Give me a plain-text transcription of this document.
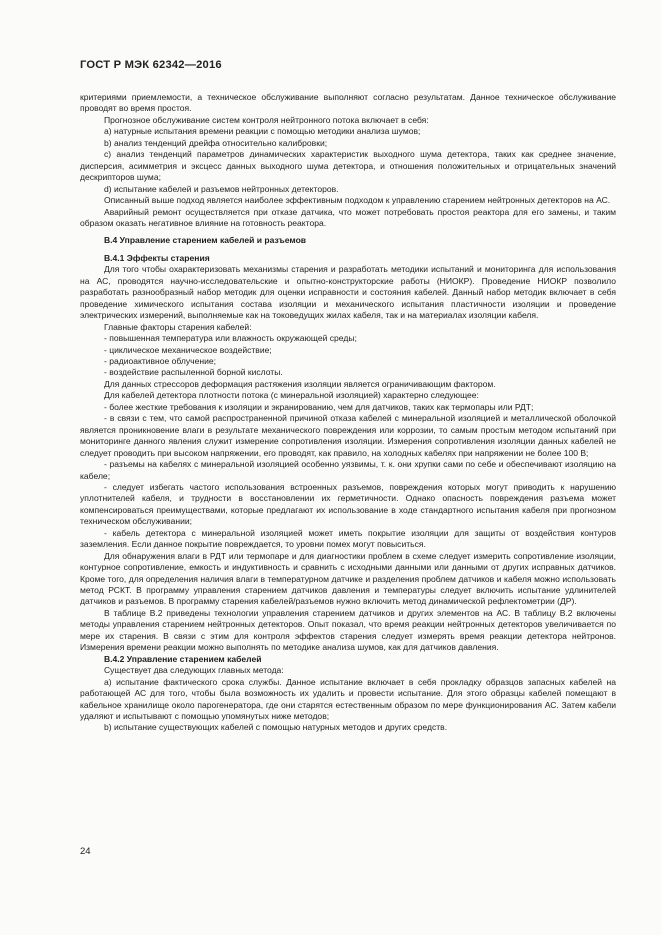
ГОСТ Р МЭК 62342—2016

критериями приемлемости, а техническое обслуживание выполняют согласно результатам. Данное техническое обслуживание проводят во время простоя.

Прогнозное обслуживание систем контроля нейтронного потока включает в себя:

а) натурные испытания времени реакции с помощью методики анализа шумов;

b) анализ тенденций дрейфа относительно калибровки;

c) анализ тенденций параметров динамических характеристик выходного шума детектора, таких как среднее значение, дисперсия, асимметрия и эксцесс данных выходного шума детектора, и отношения положительных и отрицательных значений дескрипторов шума;

d) испытание кабелей и разъемов нейтронных детекторов.

Описанный выше подход является наиболее эффективным подходом к управлению старением нейтронных детекторов на АС.

Аварийный ремонт осуществляется при отказе датчика, что может потребовать простоя реактора для его замены, и таким образом оказать негативное влияние на готовность реактора.

В.4 Управление старением кабелей и разъемов
В.4.1 Эффекты старения

Для того чтобы охарактеризовать механизмы старения и разработать методики испытаний и мониторинга для использования на АС, проводятся научно-исследовательские и опытно-конструкторские работы (НИОКР). Проведение НИОКР позволило разработать разнообразный набор методик для оценки исправности и состояния кабелей. Данный набор методик включает в себя проведение химического испытания состава изоляции и механического испытания пластичности изоляции и проведение электрических измерений, выполняемые как на токоведущих жилах кабеля, так и на материалах изоляции кабеля.

Главные факторы старения кабелей:

- повышенная температура или влажность окружающей среды;

- циклическое механическое воздействие;

- радиоактивное облучение;

- воздействие распыленной борной кислоты.

Для данных стрессоров деформация растяжения изоляции является ограничивающим фактором.

Для кабелей детектора плотности потока (с минеральной изоляцией) характерно следующее:

- более жесткие требования к изоляции и экранированию, чем для датчиков, таких как термопары или РДТ;

- в связи с тем, что самой распространенной причиной отказа кабелей с минеральной изоляцией и металлической оболочкой является проникновение влаги в результате механического повреждения или коррозии, то самым простым методом испытаний при мониторинге данного явления служит измерение сопротивления изоляции. Измерения сопротивления изоляции данных кабелей не следует проводить при высоком напряжении, его проводят, как правило, на холодных кабелях при напряжении не более 100 В;

- разъемы на кабелях с минеральной изоляцией особенно уязвимы, т. к. они хрупки сами по себе и обеспечивают изоляцию на кабеле;

- следует избегать частого использования встроенных разъемов, повреждения которых могут приводить к нарушению уплотнителей кабеля, и трудности в восстановлении их герметичности. Однако опасность повреждения разъема может компенсироваться преимуществами, которые предлагают их использование в ходе стандартного испытания кабеля при прогнозном техническом обслуживании;

- кабель детектора с минеральной изоляцией может иметь покрытие изоляции для защиты от воздействия контуров заземления. Если данное покрытие повреждается, то уровни помех могут повыситься.

Для обнаружения влаги в РДТ или термопаре и для диагностики проблем в схеме следует измерить сопротивление изоляции, контурное сопротивление, емкость и индуктивность и сравнить с исходными данными или данными от других исправных датчиков. Кроме того, для определения наличия влаги в температурном датчике и разделения проблем датчиков и кабеля можно использовать метод РСКТ. В программу управления старением датчиков давления и температуры следует включить испытание удлинителей датчиков и разъемов. В программу старения кабелей/разъемов нужно включить метод динамической рефлектометрии (ДР).

В таблице В.2 приведены технологии управления старением датчиков и других элементов на АС. В таблицу В.2 включены методы управления старением нейтронных детекторов. Опыт показал, что время реакции нейтронных детекторов увеличивается по мере их старения. В связи с этим для контроля эффектов старения следует измерять время реакции детектора нейтронов. Измерения времени реакции можно выполнять по методике анализа шумов, как для датчиков давления.

В.4.2 Управление старением кабелей

Существует два следующих главных метода:

а) испытание фактического срока службы. Данное испытание включает в себя прокладку образцов запасных кабелей на работающей АС для того, чтобы была возможность их удалить и провести испытание. Для этого образцы кабелей помещают в кабельное хранилище около парогенератора, где они старятся естественным образом по мере функционирования АС. Затем кабели удаляют и испытывают с помощью упомянутых ниже методов;

b) испытание существующих кабелей с помощью натурных методов и других средств.

24
